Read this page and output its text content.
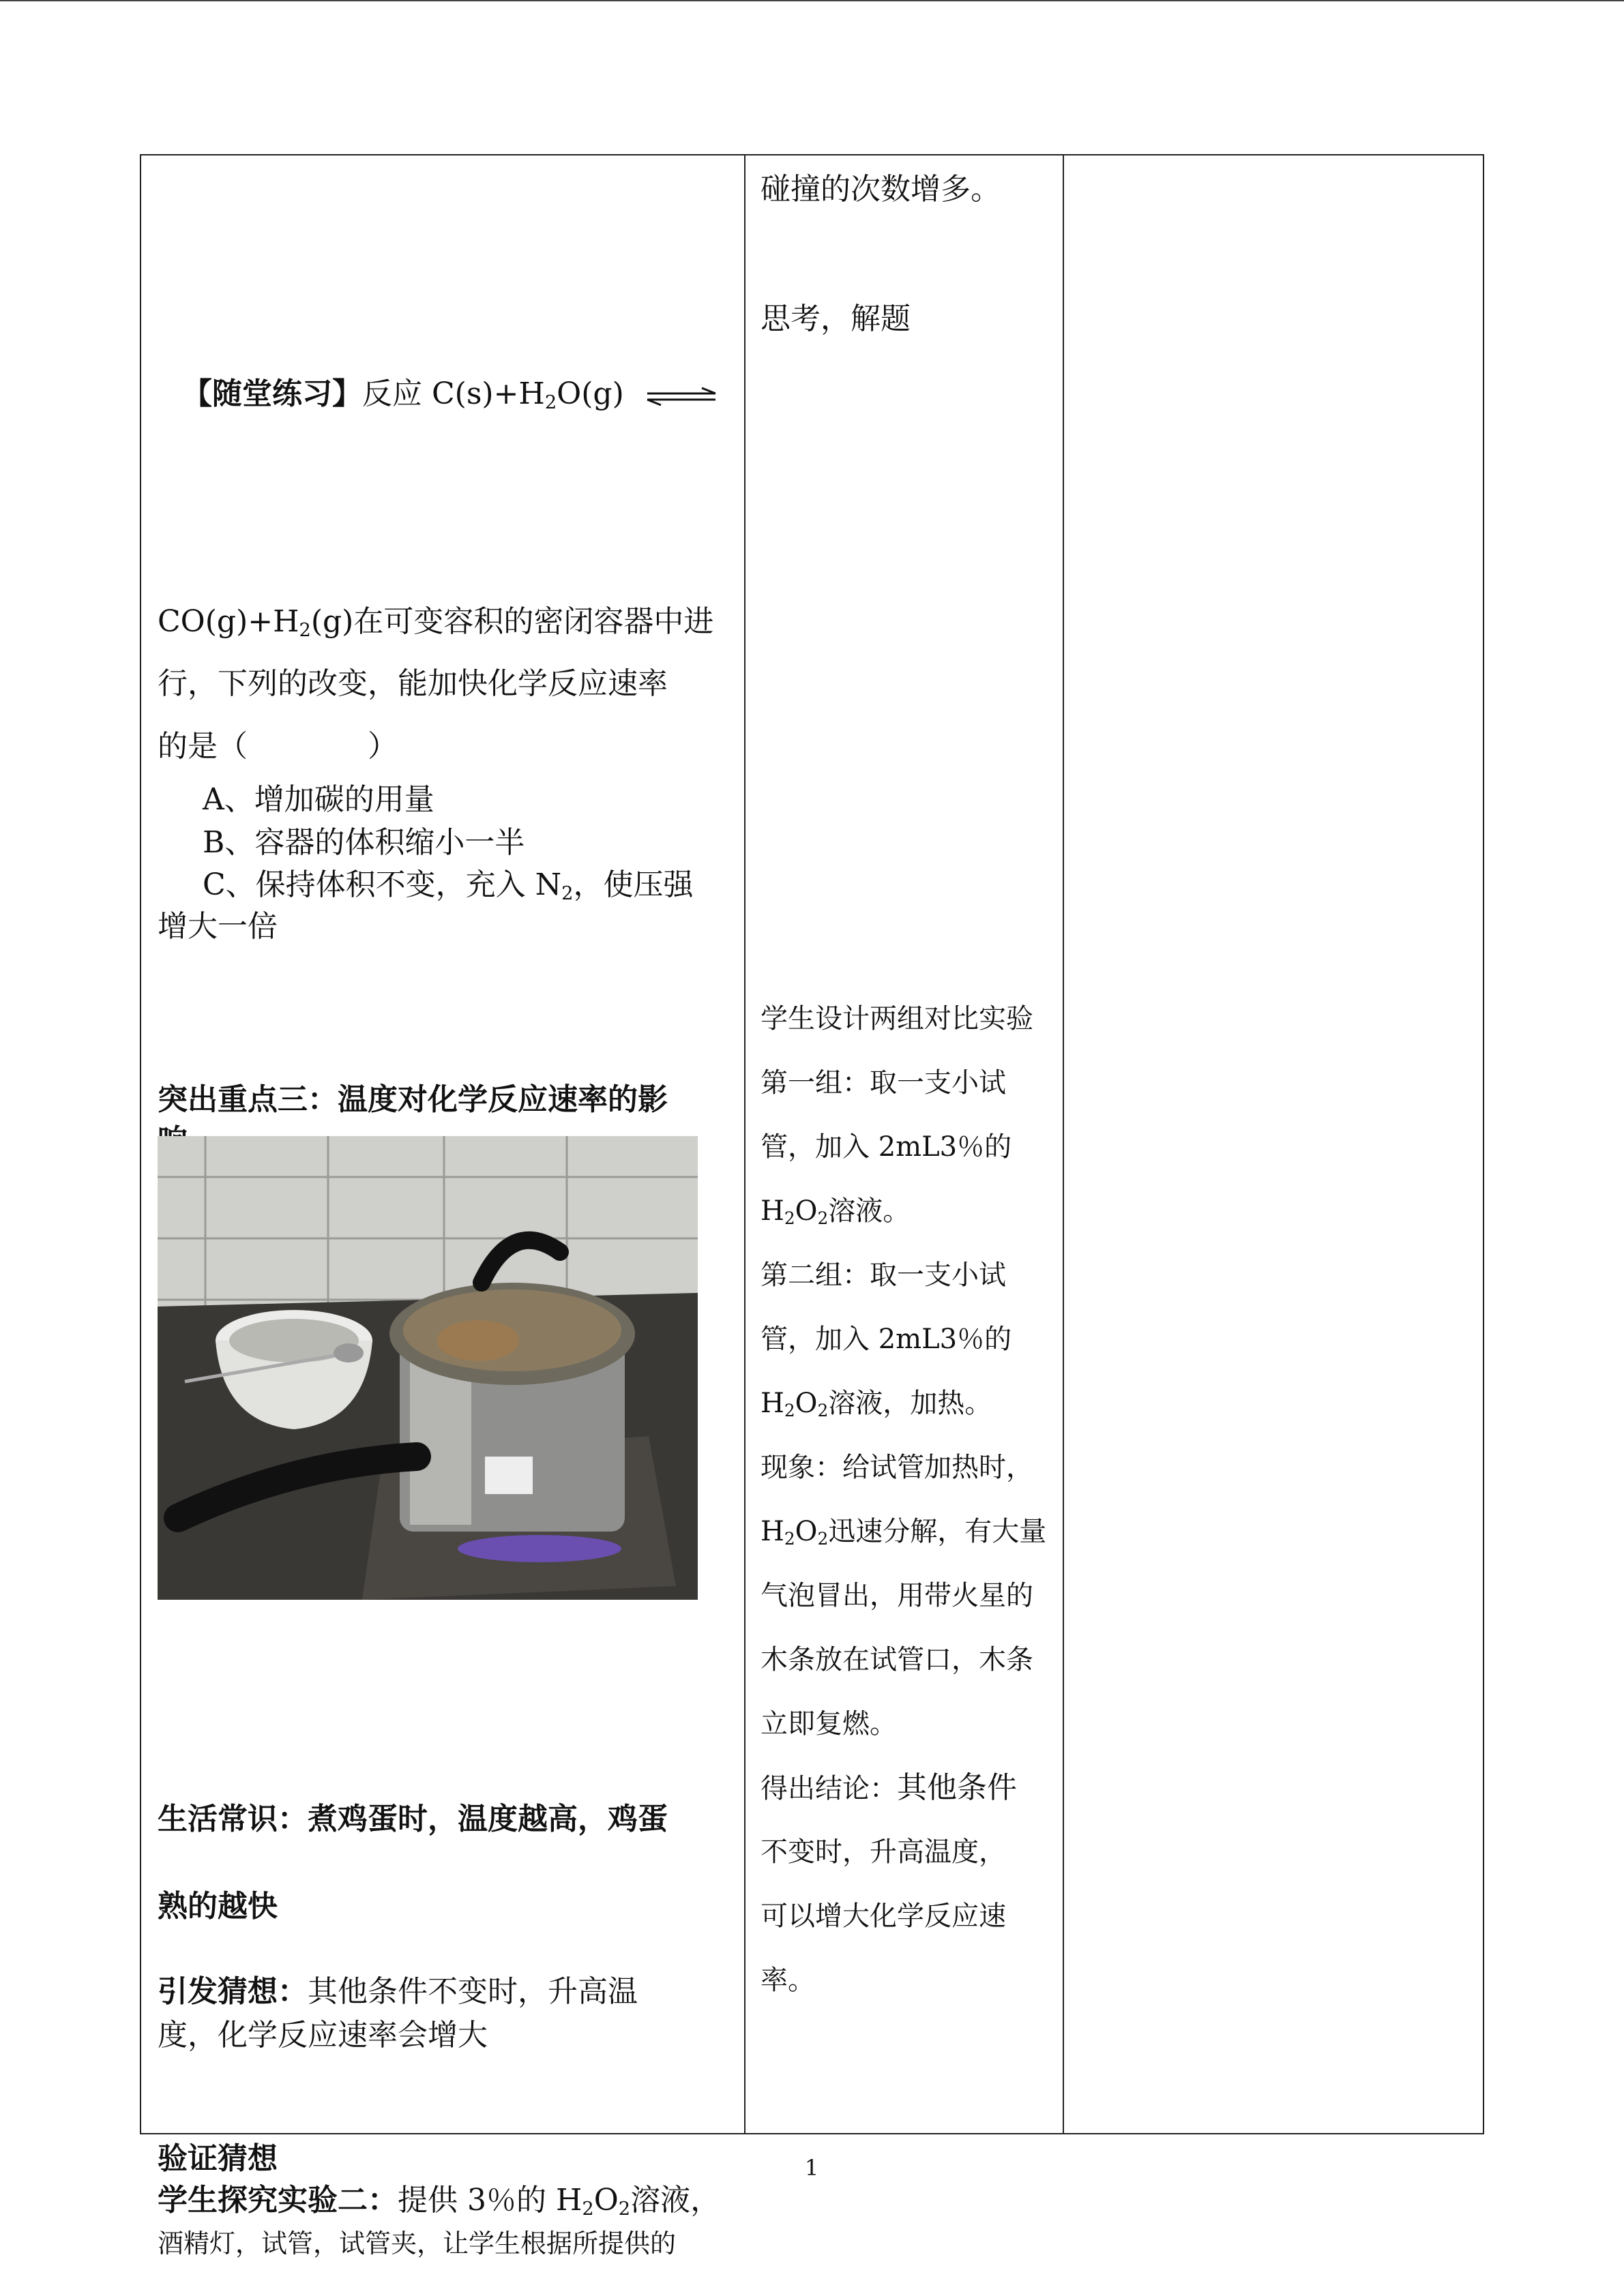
【随堂练习】反应 $C(s)+H_2O(g)$ ⇌
$CO(g)+H_2(g)$在可变容积的密闭容器中进
行，下列的改变，能加快化学反应速率
的是（　　　　）
A、增加碳的用量
B、容器的体积缩小一半
C、保持体积不变，充入 $N_2$，使压强
增大一倍
突出重点三：温度对化学反应速率的影
生活常识：煮鸡蛋时，温度越高，鸡蛋
熟的越快
引发猜想：其他条件不变时，升高温
度，化学反应速率会增大
验证猜想
学生探究实验二：提供 3％的 $H_2O_2$溶液，
酒精灯，试管，试管夹，让学生根据所提供的
碰撞的次数增多。
思考，解题
学生设计两组对比实验
第一组：取一支小试
管，加入 2mL3％的
$H_2O_2$溶液。
第二组：取一支小试
管，加入 2mL3％的
$H_2O_2$溶液，加热。
现象：给试管加热时，
$H_2O_2$迅速分解，有大量
气泡冒出，用带火星的
木条放在试管口，木条
立即复燃。
得出结论：其他条件
不变时，升高温度，
可以增大化学反应速
率。
1
